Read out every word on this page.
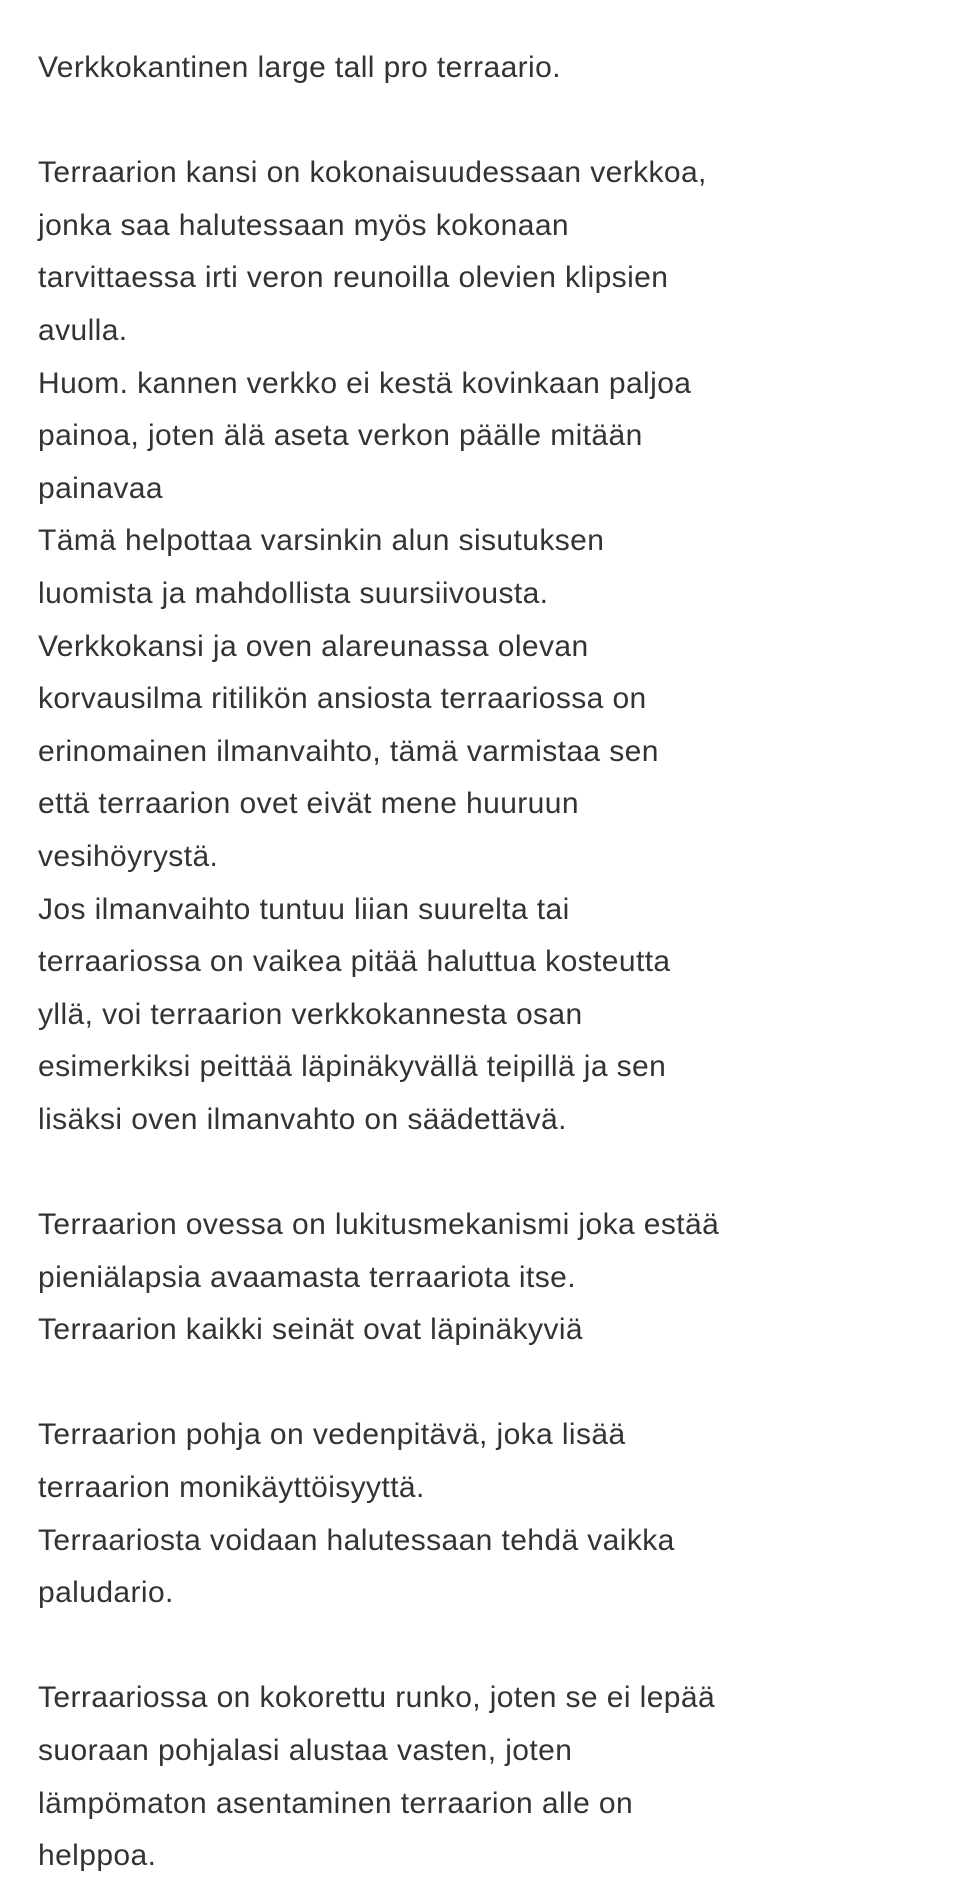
Verkkokantinen large tall pro terraario.
Terraarion kansi on kokonaisuudessaan verkkoa,
jonka saa halutessaan myös kokonaan
tarvittaessa irti veron reunoilla olevien klipsien
avulla.
Huom. kannen verkko ei kestä kovinkaan paljoa
painoa, joten älä aseta verkon päälle mitään
painavaa
Tämä helpottaa varsinkin alun sisutuksen
luomista ja mahdollista suursiivousta.
Verkkokansi ja oven alareunassa olevan
korvausilma ritilikön ansiosta terraariossa on
erinomainen ilmanvaihto, tämä varmistaa sen
että terraarion ovet eivät mene huuruun
vesihöyrystä.
Jos ilmanvaihto tuntuu liian suurelta tai
terraariossa on vaikea pitää haluttua kosteutta
yllä, voi terraarion verkkokannesta osan
esimerkiksi peittää läpinäkyvällä teipillä ja sen
lisäksi oven ilmanvahto on säädettävä.
Terraarion ovessa on lukitusmekanismi joka estää
pieniälapsia avaamasta terraariota itse.
Terraarion kaikki seinät ovat läpinäkyviä
Terraarion pohja on vedenpitävä, joka lisää
terraarion monikäyttöisyyttä.
Terraariosta voidaan halutessaan tehdä vaikka
paludario.
Terraariossa on kokorettu runko, joten se ei lepää
suoraan pohjalasi alustaa vasten, joten
lämpömaton asentaminen terraarion alle on
helppoa.
